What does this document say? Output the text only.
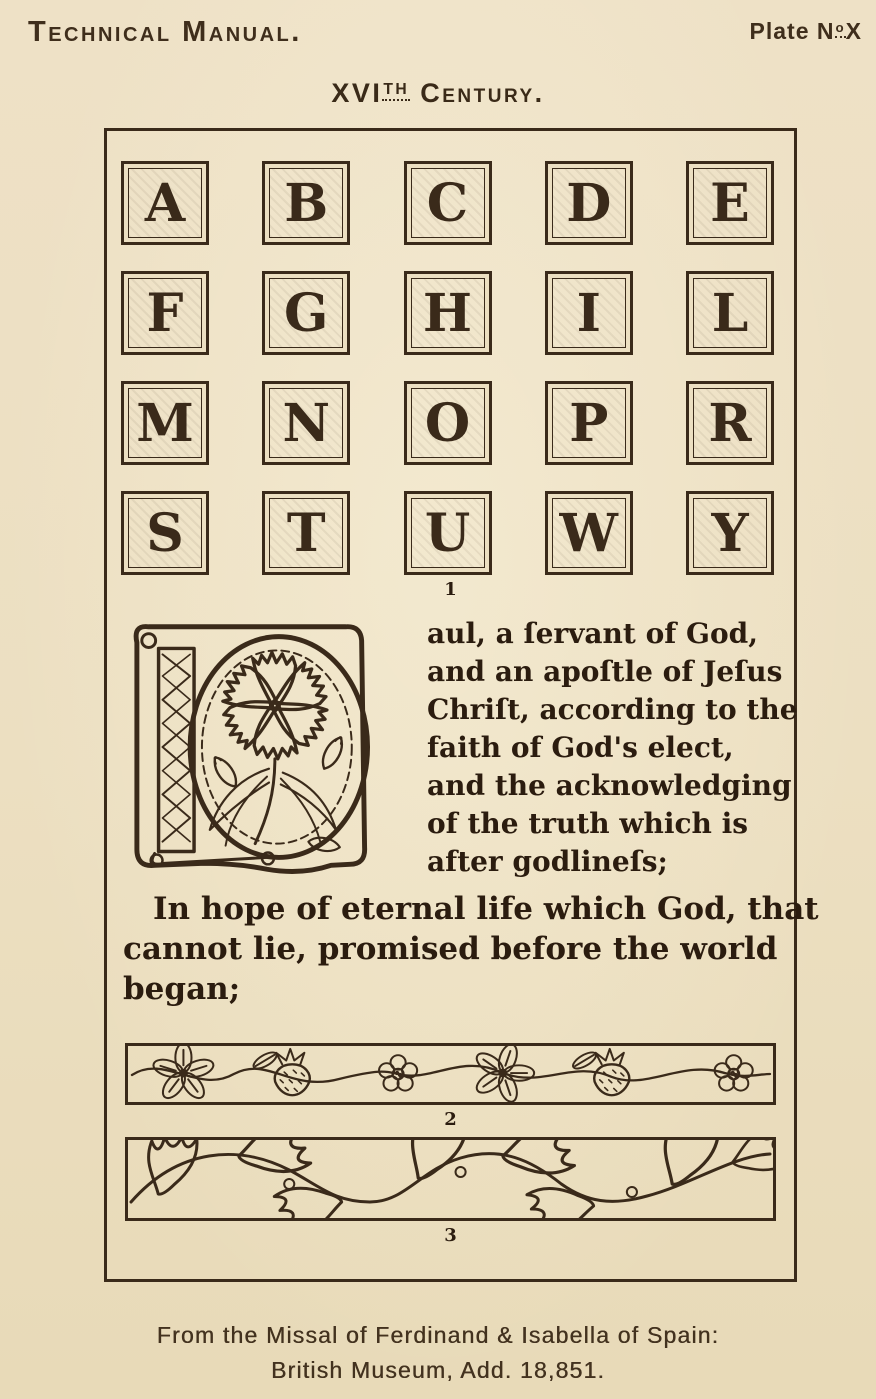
Technical Manual.	Plate NoX
XVITH Century.
A	B	C	D	E
F	G	H	I	L
M	N	O	P	R
S	T	U	W	Y
1
aul, a ſervant of God,
and an apoſtle of Jeſus
Chriſt, according to the
faith of God's elect,
and the acknowledging
of the truth which is
after godlineſs;
In hope of eternal life which God, that
cannot lie, promised before the world
began;
2
3
From the Missal of Ferdinand & Isabella of Spain:
British Museum, Add. 18,851.
